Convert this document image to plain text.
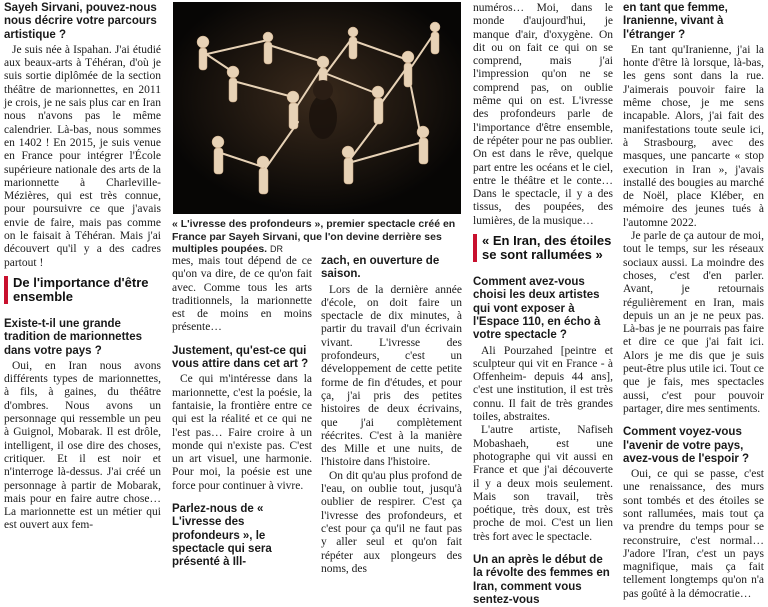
Sayeh Sirvani, pouvez-nous nous décrire votre parcours artistique ?

Je suis née à Ispahan. J'ai étudié aux beaux-arts à Téhéran, d'où je suis sortie diplômée de la section théâtre de marionnettes, en 2011 je crois, je ne sais plus car en Iran nous n'avons pas le même calendrier. Là-bas, nous sommes en 1402 ! En 2015, je suis venue en France pour intégrer l'École supérieure nationale des arts de la marionnette à Charleville-Mézières, qui est très connue, pour poursuivre ce que j'avais envie de faire, mais pas comme on le faisait à Téhéran. Mais j'ai découvert qu'il y a des cadres partout !

De l'importance d'être ensemble
Existe-t-il une grande tradition de marionnettes dans votre pays ?

Oui, en Iran nous avons différents types de marionnettes, à fils, à gaines, du théâtre d'ombres. Nous avons un personnage qui ressemble un peu à Guignol, Mobarak. Il est drôle, intelligent, il ose dire des choses, critiquer. Et il est noir et n'interroge là-dessus. J'ai créé un personnage à partir de Mobarak, mais pour en faire autre chose… La marionnette est un métier qui est ouvert aux fem-

« L'ivresse des profondeurs », premier spectacle créé en France par Sayeh Sirvani, que l'on devine derrière ses multiples poupées. DR

mes, mais tout dépend de ce qu'on va dire, de ce qu'on fait avec. Comme tous les arts traditionnels, la marionnette est de moins en moins présente…

Justement, qu'est-ce qui vous attire dans cet art ?

Ce qui m'intéresse dans la marionnette, c'est la poésie, la fantaisie, la frontière entre ce qui est la réalité et ce qui ne l'est pas… Faire croire à un monde qui n'existe pas. C'est un art visuel, une harmonie. Pour moi, la poésie est une force pour continuer à vivre.

Parlez-nous de « L'ivresse des profondeurs », le spectacle qui sera présenté à Ill-
zach, en ouverture de saison.

Lors de la dernière année d'école, on doit faire un spectacle de dix minutes, à partir du travail d'un écrivain vivant. L'ivresse des profondeurs, c'est un développement de cette petite forme de fin d'études, et pour ça, j'ai pris des petites histoires de deux écrivains, que j'ai complètement réécrites. C'est à la manière des Mille et une nuits, de l'histoire dans l'histoire.

On dit qu'au plus profond de l'eau, on oublie tout, jusqu'à oublier de respirer. C'est ça l'ivresse des profondeurs, et c'est pour ça qu'il ne faut pas y aller seul et qu'on fait répéter aux plongeurs des noms, des

numéros… Moi, dans le monde d'aujourd'hui, je manque d'air, d'oxygène. On dit ou on fait ce qui on se comprend, mais j'ai l'impression qu'on ne se comprend pas, on oublie même qui on est. L'ivresse des profondeurs parle de l'importance d'être ensemble, de répéter pour ne pas oublier. On est dans le rêve, quelque part entre les océans et le ciel, entre le théâtre et le conte… Dans le spectacle, il y a des tissus, des poupées, des lumières, de la musique…

« En Iran, des étoiles se sont rallumées »
Comment avez-vous choisi les deux artistes qui vont exposer à l'Espace 110, en écho à votre spectacle ?

Ali Pourzahed [peintre et sculpteur qui vit en France - à Offenheim- depuis 44 ans], c'est une institution, il est très connu. Il fait de très grandes toiles, abstraites.

L'autre artiste, Nafiseh Mobashaeh, est une photographe qui vit aussi en France et que j'ai découverte il y a deux mois seulement. Mais son travail, très poétique, très doux, est très proche de moi. C'est un lien très fort avec le spectacle.

Un an après le début de la révolte des femmes en Iran, comment vous sentez-vous
en tant que femme, Iranienne, vivant à l'étranger ?

En tant qu'Iranienne, j'ai la honte d'être là lorsque, là-bas, les gens sont dans la rue. J'aimerais pouvoir faire la même chose, je me sens incapable. Alors, j'ai fait des manifestations toute seule ici, à Strasbourg, avec des masques, une pancarte « stop execution in Iran », j'avais installé des bougies au marché de Noël, place Kléber, en mémoire des jeunes tués à l'automne 2022.

Je parle de ça autour de moi, tout le temps, sur les réseaux sociaux aussi. La moindre des choses, c'est d'en parler. Avant, je retournais régulièrement en Iran, mais depuis un an je ne peux pas. Là-bas je ne pourrais pas faire et dire ce que j'ai fait ici. Alors je me dis que je suis peut-être plus utile ici. Tout ce que je fais, mes spectacles aussi, c'est pour pouvoir partager, dire mes sentiments.

Comment voyez-vous l'avenir de votre pays, avez-vous de l'espoir ?

Oui, ce qui se passe, c'est une renaissance, des murs sont tombés et des étoiles se sont rallumées, mais tout ça va prendre du temps pour se reconstruire, c'est normal… J'adore l'Iran, c'est un pays magnifique, mais ça fait tellement longtemps qu'on n'a pas goûté à la démocratie…
